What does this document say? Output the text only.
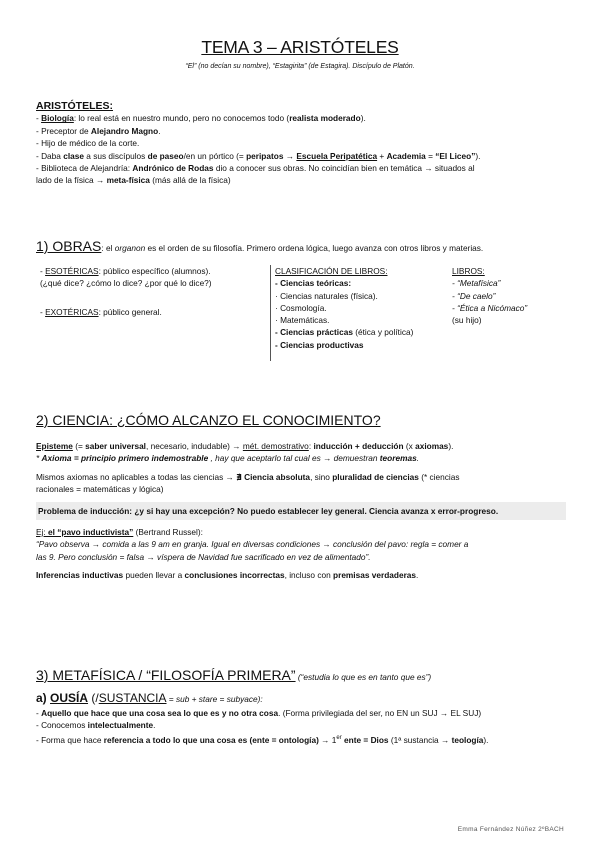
TEMA 3 – ARISTÓTELES
“El” (no decían su nombre), “Estagirita” (de Estagira). Discípulo de Platón.

ARISTÓTELES:

- Biología: lo real está en nuestro mundo, pero no conocemos todo (realista moderado).

- Preceptor de Alejandro Magno.

- Hijo de médico de la corte.

- Daba clase a sus discípulos de paseo/en un pórtico (= peripatos → Escuela Peripatética + Academia = “El Liceo”).

- Biblioteca de Alejandría: Andrónico de Rodas dio a conocer sus obras. No coincidían bien en temática → situados al

lado de la física → meta-física (más allá de la física)

1) OBRAS: el organon es el orden de su filosofía. Primero ordena lógica, luego avanza con otros libros y materias.
- ESOTÉRICAS: público específico (alumnos).
(¿qué dice? ¿cómo lo dice? ¿por qué lo dice?)
- EXOTÉRICAS: público general.
CLASIFICACIÓN DE LIBROS:
- Ciencias teóricas:
· Ciencias naturales (física).
· Cosmología.
· Matemáticas.
- Ciencias prácticas (ética y política)
- Ciencias productivas
LIBROS:
- “Metafísica”
- “De caelo”
- “Ética a Nicómaco”
(su hijo)
2) CIENCIA: ¿CÓMO ALCANZO EL CONOCIMIENTO?

Episteme (= saber universal, necesario, indudable) → mét. demostrativo: inducción + deducción (x axiomas).

* Axioma = principio primero indemostrable , hay que aceptarlo tal cual es → demuestran teoremas.

Mismos axiomas no aplicables a todas las ciencias → ∄ Ciencia absoluta, sino pluralidad de ciencias (* ciencias

racionales = matemáticas y lógica)

Problema de inducción: ¿y si hay una excepción? No puedo establecer ley general. Ciencia avanza x error-progreso.

Ej: el “pavo inductivista” (Bertrand Russel):

“Pavo observa → comida a las 9 am en granja. Igual en diversas condiciones → conclusión del pavo: regla = comer a

las 9. Pero conclusión = falsa → víspera de Navidad fue sacrificado en vez de alimentado”.

Inferencias inductivas pueden llevar a conclusiones incorrectas, incluso con premisas verdaderas.

3) METAFÍSICA / “FILOSOFÍA PRIMERA” (“estudia lo que es en tanto que es”)

a) OUSÍA (/SUSTANCIA = sub + stare = subyace):

- Aquello que hace que una cosa sea lo que es y no otra cosa. (Forma privilegiada del ser, no EN un SUJ → EL SUJ)

- Conocemos intelectualmente.

- Forma que hace referencia a todo lo que una cosa es (ente = ontología) → 1er ente = Dios (1ª sustancia → teología).

Emma Fernández Núñez 2ºBACH
